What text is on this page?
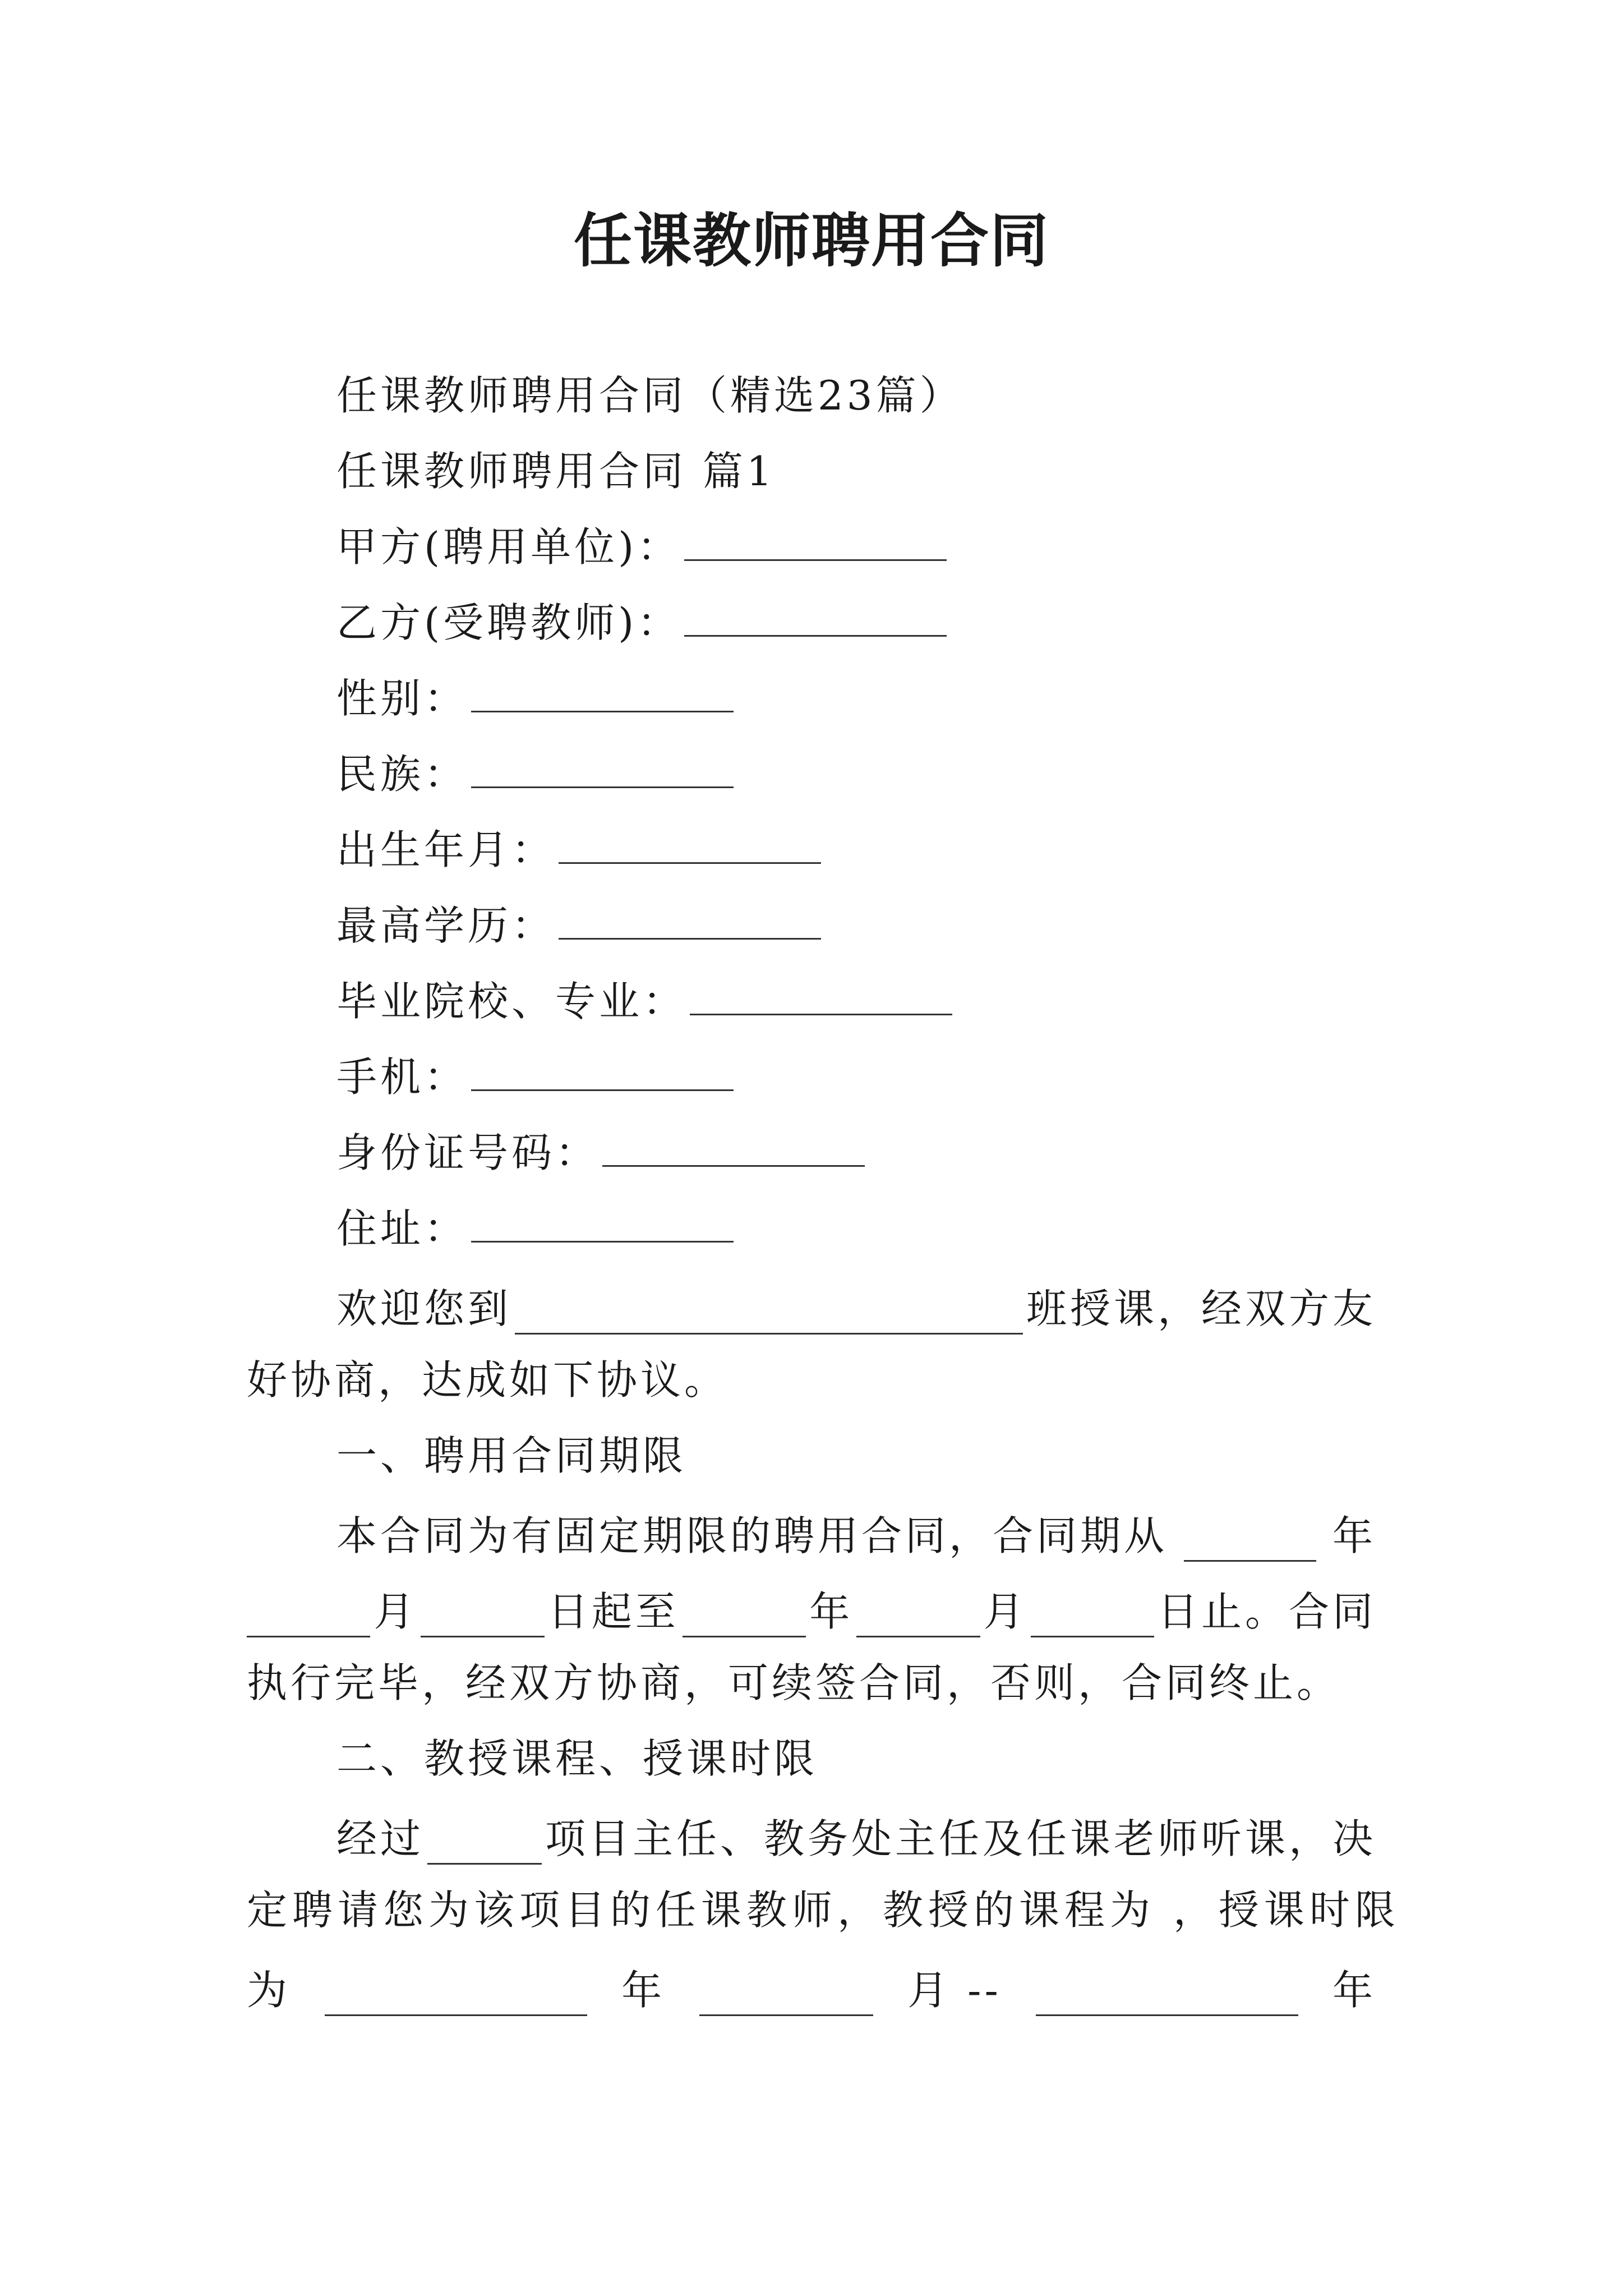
任课教师聘用合同
任课教师聘用合同（精选23篇）
任课教师聘用合同 篇1
甲方(聘用单位)：
乙方(受聘教师)：
性别：
民族：
出生年月：
最高学历：
毕业院校、专业：
手机：
身份证号码：
住址：
欢迎您到	班授课，经双方友
好协商，达成如下协议。
一、聘用合同期限
本合同为有固定期限的聘用合同，合同期从	年
月	日起至	年	月	日止。合同
执行完毕，经双方协商，可续签合同，否则，合同终止。
二、教授课程、授课时限
经过	项目主任、教务处主任及任课老师听课，决
定聘请您为该项目的任课教师，教授的课程为 ，授课时限
为	年	月 --	年
